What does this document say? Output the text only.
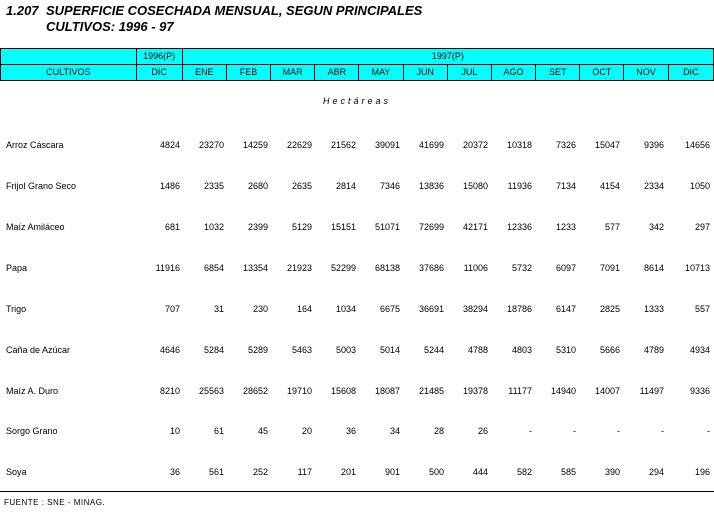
1.207 SUPERFICIE COSECHADA MENSUAL, SEGUN PRINCIPALES
CULTIVOS: 1996 - 97
	1996(P)	1997(P)											
CULTIVOS	DIC	ENE	FEB	MAR	ABR	MAY	JUN	JUL	AGO	SET	OCT	NOV	DIC
Hectáreas
Arroz Cáscara	4824	23270	14259	22629	21562	39091	41699	20372	10318	7326	15047	9396	14656
Frijol Grano Seco	1486	2335	2680	2635	2814	7346	13836	15080	11936	7134	4154	2334	1050
Maíz Amiláceo	681	1032	2399	5129	15151	51071	72699	42171	12336	1233	577	342	297
Papa	11916	6854	13354	21923	52299	68138	37686	11006	5732	6097	7091	8614	10713
Trigo	707	31	230	164	1034	6675	36691	38294	18786	6147	2825	1333	557
Caña de Azúcar	4646	5284	5289	5463	5003	5014	5244	4788	4803	5310	5666	4789	4934
Maíz A. Duro	8210	25563	28652	19710	15608	18087	21485	19378	11177	14940	14007	11497	9336
Sorgo Grano	10	61	45	20	36	34	28	26	-	-	-	-	-
Soya	36	561	252	117	201	901	500	444	582	585	390	294	196
FUENTE : SNE - MINAG.
